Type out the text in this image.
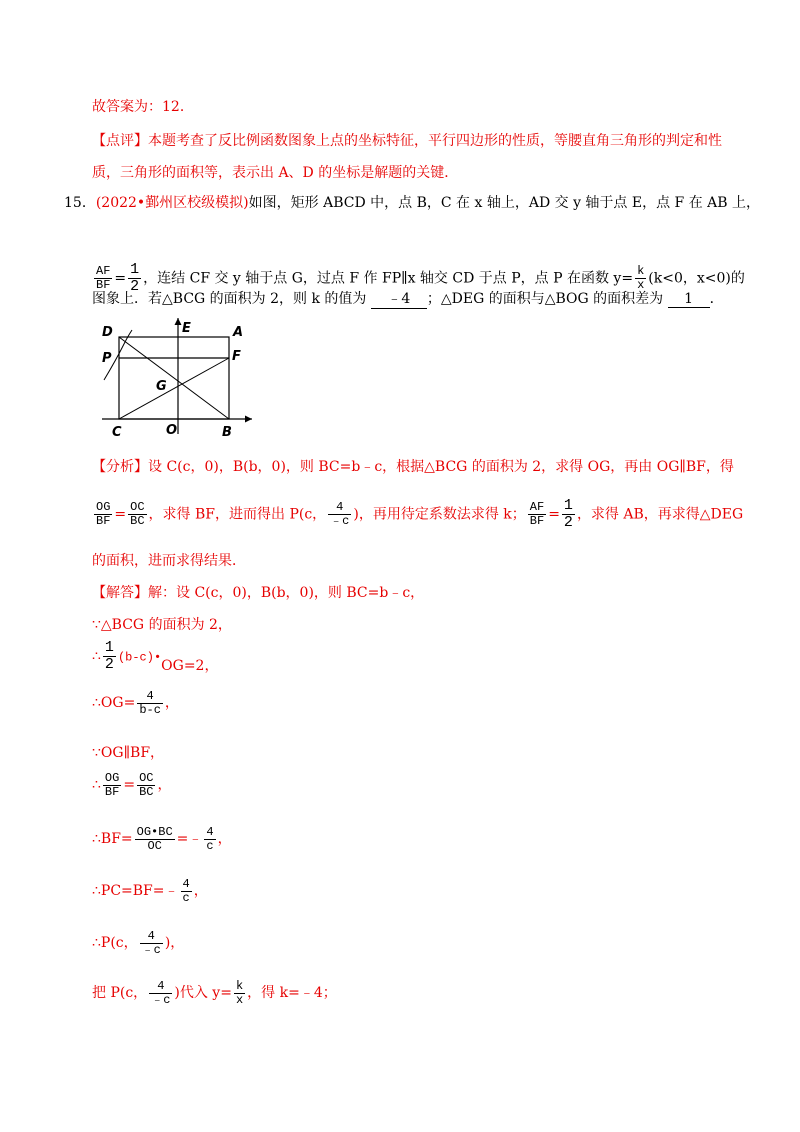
故答案为：12．
【点评】本题考查了反比例函数图象上点的坐标特征，平行四边形的性质，等腰直角三角形的判定和性
质，三角形的面积等，表示出 A、D 的坐标是解题的关键．
15．(2022•鄞州区校级模拟)如图，矩形 ABCD 中，点 B，C 在 x 轴上，AD 交 y 轴于点 E，点 F 在 AB 上，
$\frac{AF}{BF} = \frac{1}{2}$ ，连结 CF 交 y 轴于点 G，过点 F 作 FP∥x 轴交 CD 于点 P，点 P 在函数 $y= \frac{k}{x} (k<0$，x<0)的
图象上．若△BCG 的面积为 2，则 k 的值为 ﹣4 ；△DEG 的面积与△BOG 的面积差为 1 ．
D	E	A
P	F
G
C	O	B
【分析】设 C(c，0)，B(b，0)，则 BC=b﹣c，根据△BCG 的面积为 2，求得 OG，再由 OG∥BF，得
$\frac{OG}{BF} = \frac{OC}{BC}$ ，求得 BF，进而得出 P(c， $\frac{4}{﹣c}$ )，再用待定系数法求得 k； $\frac{AF}{BF} = \frac{1}{2}$ ，求得 AB，再求得△DEG
的面积，进而求得结果．
【解答】解：设 C(c，0)，B(b，0)，则 BC=b﹣c，
∵△BCG 的面积为 2，
∴ $\frac{1}{2}$ (b-c)•OG=2，
∴OG= $\frac{4}{b-c}$ ，
∵OG∥BF，
∴ $\frac{OG}{BF} = \frac{OC}{BC}$ ，
∴BF= $\frac{OG•BC}{OC}$ =﹣ $\frac{4}{c}$ ，
∴PC=BF=﹣ $\frac{4}{c}$ ，
∴P(c， $\frac{4}{﹣c}$ )，
把 P(c， $\frac{4}{﹣c}$ )代入 $y= \frac{k}{x}$ ，得 k=﹣4；
